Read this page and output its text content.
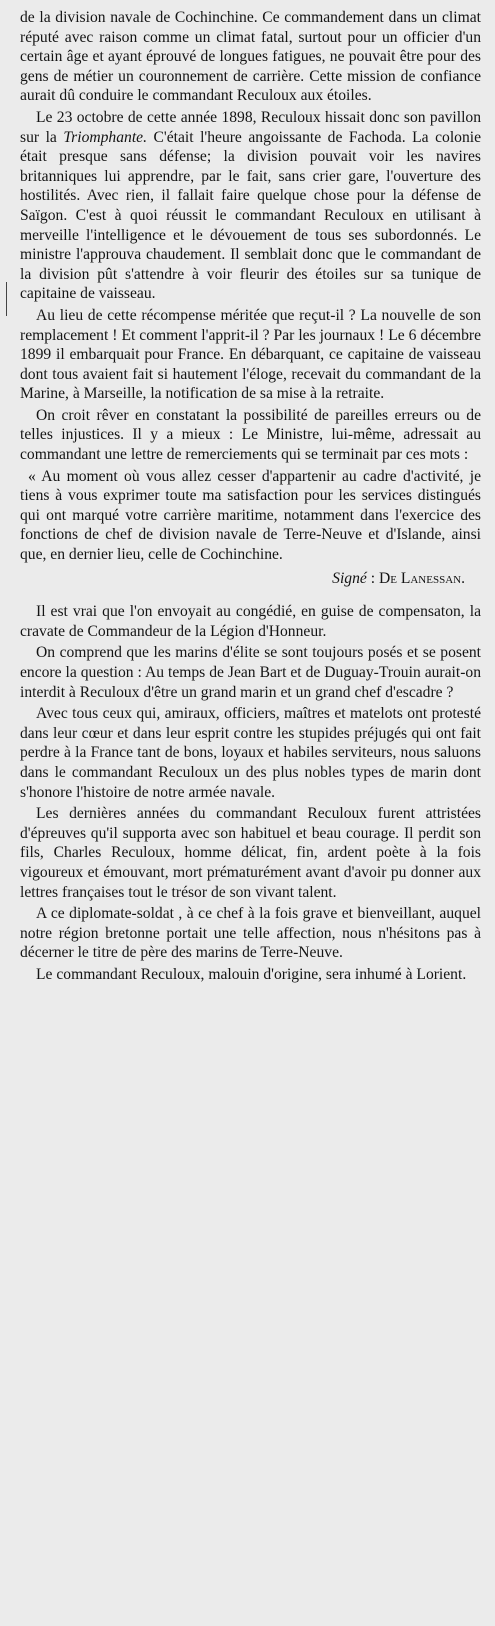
de la division navale de Cochinchine. Ce commandement dans un climat réputé avec raison comme un climat fatal, surtout pour un officier d'un certain âge et ayant éprouvé de longues fatigues, ne pouvait être pour des gens de métier un couronnement de carrière. Cette mission de confiance aurait dû conduire le commandant Reculoux aux étoiles.

Le 23 octobre de cette année 1898, Reculoux hissait donc son pavillon sur la Triomphante. C'était l'heure angoissante de Fachoda. La colonie était presque sans défense; la division pouvait voir les navires britanniques lui apprendre, par le fait, sans crier gare, l'ouverture des hostilités. Avec rien, il fallait faire quelque chose pour la défense de Saïgon. C'est à quoi réussit le commandant Reculoux en utilisant à merveille l'intelligence et le dévouement de tous ses subordonnés. Le ministre l'approuva chaudement. Il semblait donc que le commandant de la division pût s'attendre à voir fleurir des étoiles sur sa tunique de capitaine de vaisseau.

Au lieu de cette récompense méritée que reçut-il ? La nouvelle de son remplacement ! Et comment l'apprit-il ? Par les journaux ! Le 6 décembre 1899 il embarquait pour France. En débarquant, ce capitaine de vaisseau dont tous avaient fait si hautement l'éloge, recevait du commandant de la Marine, à Marseille, la notification de sa mise à la retraite.

On croit rêver en constatant la possibilité de pareilles erreurs ou de telles injustices. Il y a mieux : Le Ministre, lui-même, adressait au commandant une lettre de remerciements qui se terminait par ces mots :

« Au moment où vous allez cesser d'appartenir au cadre d'activité, je tiens à vous exprimer toute ma satisfaction pour les services distingués qui ont marqué votre carrière maritime, notamment dans l'exercice des fonctions de chef de division navale de Terre-Neuve et d'Islande, ainsi que, en dernier lieu, celle de Cochinchine.

Signé : De Lanessan.

Il est vrai que l'on envoyait au congédié, en guise de compensaton, la cravate de Commandeur de la Légion d'Honneur.

On comprend que les marins d'élite se sont toujours posés et se posent encore la question : Au temps de Jean Bart et de Duguay-Trouin aurait-on interdit à Reculoux d'être un grand marin et un grand chef d'escadre ?

Avec tous ceux qui, amiraux, officiers, maîtres et matelots ont protesté dans leur cœur et dans leur esprit contre les stupides préjugés qui ont fait perdre à la France tant de bons, loyaux et habiles serviteurs, nous saluons dans le commandant Reculoux un des plus nobles types de marin dont s'honore l'histoire de notre armée navale.

Les dernières années du commandant Reculoux furent attristées d'épreuves qu'il supporta avec son habituel et beau courage. Il perdit son fils, Charles Reculoux, homme délicat, fin, ardent poète à la fois vigoureux et émouvant, mort prématurément avant d'avoir pu donner aux lettres françaises tout le trésor de son vivant talent.

A ce diplomate-soldat , à ce chef à la fois grave et bienveillant, auquel notre région bretonne portait une telle affection, nous n'hésitons pas à décerner le titre de père des marins de Terre-Neuve.

Le commandant Reculoux, malouin d'origine, sera inhumé à Lorient.
